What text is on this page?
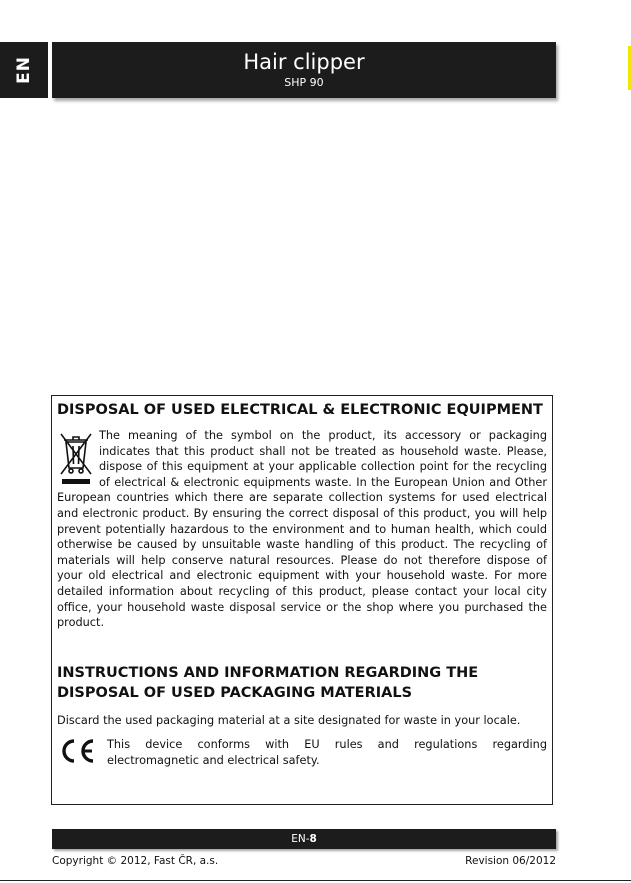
EN	Hair clipper
SHP 90
DISPOSAL OF USED ELECTRICAL & ELECTRONIC EQUIPMENT

The meaning of the symbol on the product, its accessory or packaging indicates that this product shall not be treated as household waste. Please, dispose of this equipment at your applicable collection point for the recycling of electrical & electronic equipments waste. In the European Union and Other European countries which there are separate collection systems for used electrical and electronic product. By ensuring the correct disposal of this product, you will help prevent potentially hazardous to the environment and to human health, which could otherwise be caused by unsuitable waste handling of this product. The recycling of materials will help conserve natural resources. Please do not therefore dispose of your old electrical and electronic equipment with your household waste. For more detailed information about recycling of this product, please contact your local city office, your household waste disposal service or the shop where you purchased the product.

INSTRUCTIONS AND INFORMATION REGARDING THE DISPOSAL OF USED PACKAGING MATERIALS
Discard the used packaging material at a site designated for waste in your locale.
This device conforms with EU rules and regulations regarding electromagnetic and electrical safety.
EN-8
Copyright © 2012, Fast ČR, a.s.	Revision 06/2012
